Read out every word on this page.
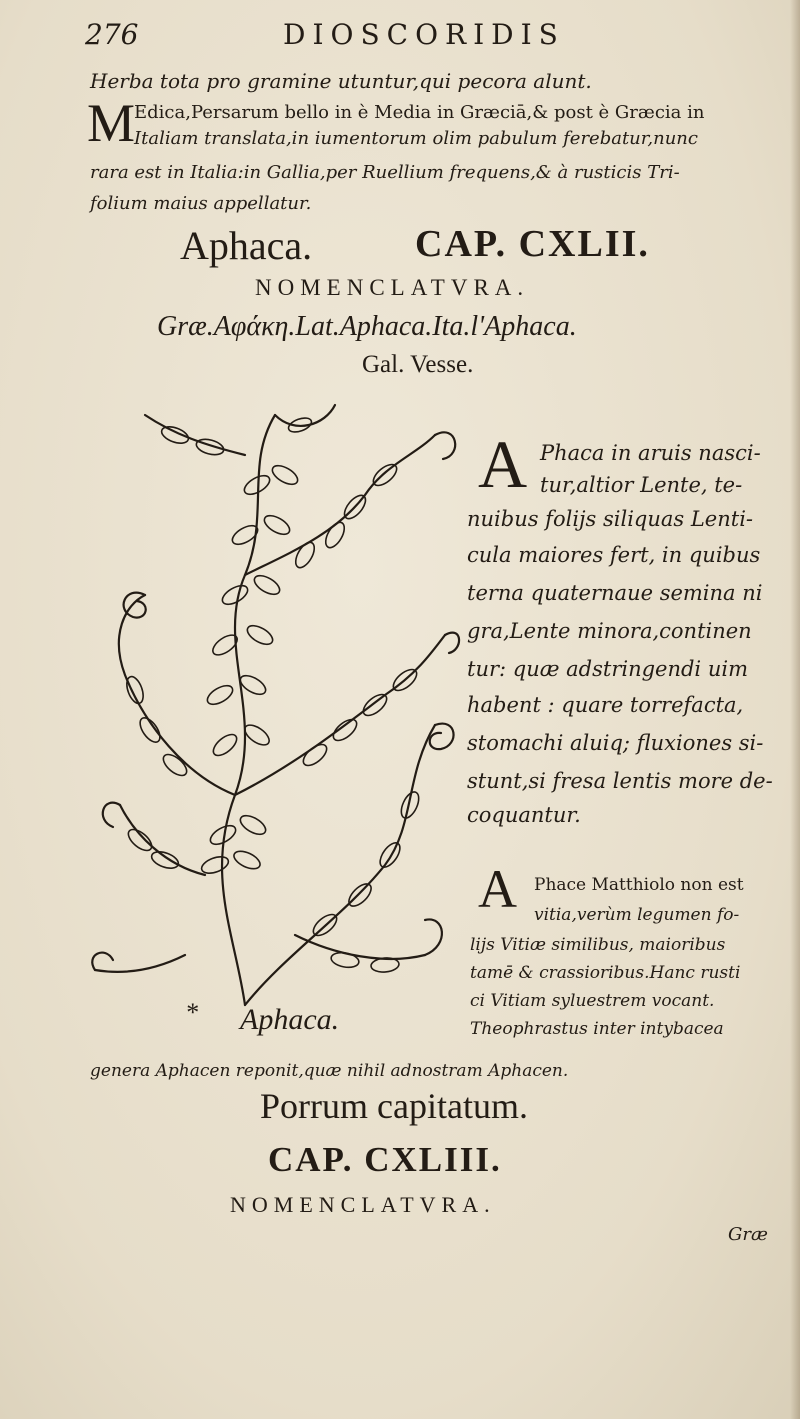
276	DIOSCORIDIS
Herba tota pro gramine utuntur,qui pecora alunt.
M
Edica,Persarum bello in è Media in Græciā,& post è Græcia in
Italiam translata,in iumentorum olim pabulum ferebatur,nunc
rara est in Italia:in Gallia,per Ruellium frequens,& à rusticis Tri-
folium maius appellatur.
Aphaca.	CAP. CXLII.
NOMENCLATVRA.
Græ.Αφάκη.Lat.Aphaca.Ita.l'Aphaca.
Gal. Vesse.
A Phaca in aruis nasci-
tur,altior Lente, te-
nuibus folijs siliquas Lenti-
cula maiores fert, in quibus
terna quaternaue semina ni
gra,Lente minora,continen
tur: quæ adstringendi uim
habent : quare torrefacta,
stomachi aluiq; fluxiones si-
stunt,si fresa lentis more de-
coquantur.
A Phace Matthiolo non est
vitia,verùm legumen fo-
lijs Vitiæ similibus, maioribus
tamē & crassioribus.Hanc rusti
ci Vitiam syluestrem vocant.
Theophrastus inter intybacea
genera Aphacen reponit,quæ nihil adnostram Aphacen.
* Aphaca.
Porrum capitatum.
CAP. CXLIII.
NOMENCLATVRA.
Græ
